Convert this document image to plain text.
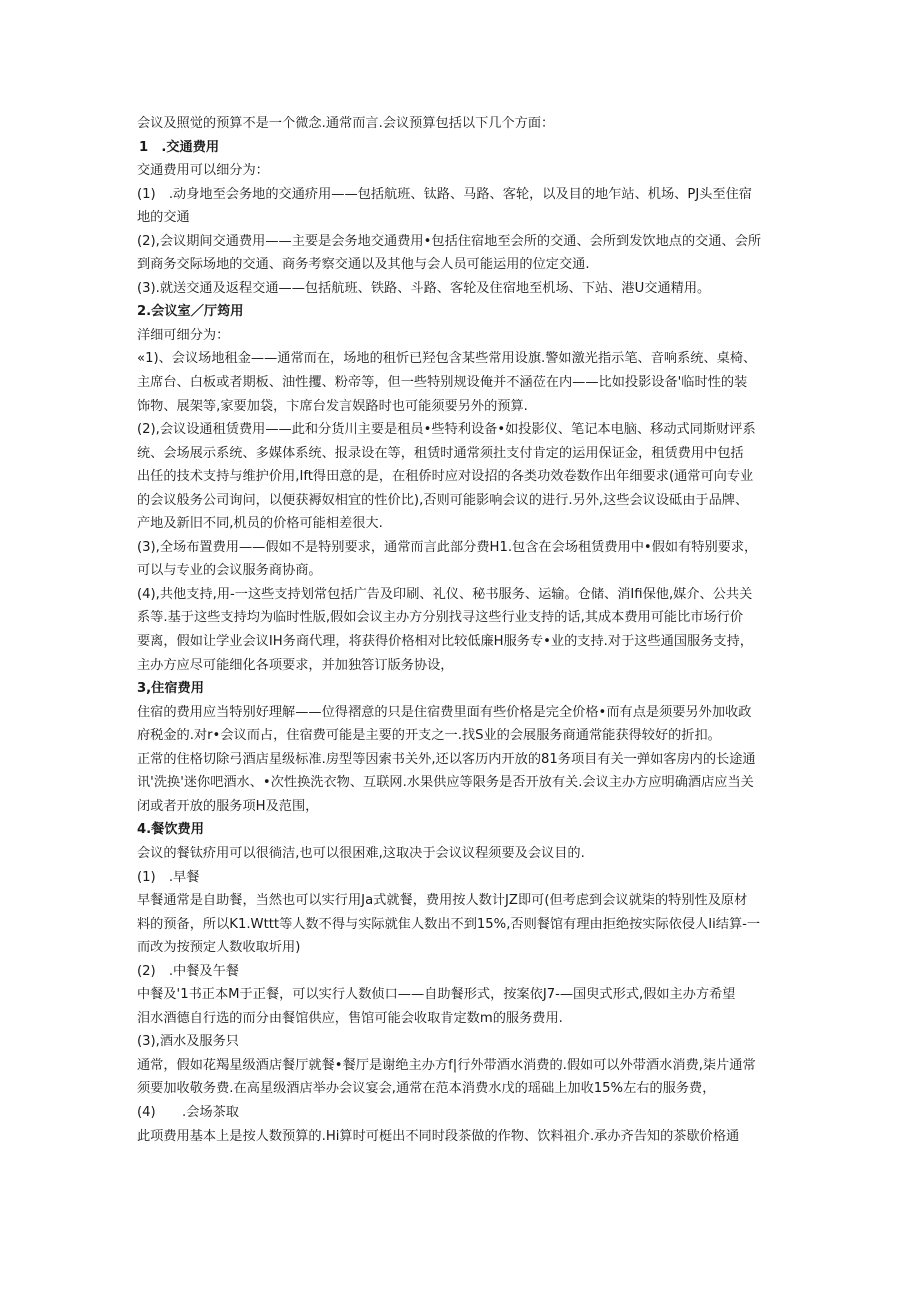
会议及照觉的预算不是一个微念.通常而言.会议预算包括以下几个方面：
1　.交通费用
交通费用可以细分为：
(1)　.动身地至会务地的交通疥用——包括航班、钛路、马路、客轮，以及目的地乍站、机场、PJ头至住宿
地的交通
(2),会议期间交通费用——主要是会务地交通费用•包括住宿地至会所的交通、会所到发饮地点的交通、会所
到商务交际场地的交通、商务考察交通以及其他与会人员可能运用的位定交通.
(3).就送交通及返程交通——包括航班、铁路、斗路、客轮及住宿地至机场、下站、港U交通精用。
2.会议室／厅筠用
洋细可细分为：
«1)、会议场地租金——通常而在，场地的租忻已羟包含某些常用设旗.警如激光指示笔、音响系统、桌椅、
主席台、白板或者期板、油性攫、粉帝等，但一些特别规设俺并不涵莅在内——比如投影设备'临时性的装
饰物、展架等,家要加袋，卞席台发言娱路时也可能须要另外的预算.
(2),会议设通租赁费用——此和分货川主要是租员•些特利设备•如投影仪、笔记本电脑、移动式同斯财评系
统、会场展示系统、多媒体系统、报录设在等，租赁时通常须扗支付肯定的运用保证金，租赁费用中包括
出任的技术支持与维护价用,Ift得田意的是，在租侨时应对设招的各类功效卷数作出年细要求(通常可向专业
的会议般务公司询问，以便获褥奴相宜的性价比),否则可能影响会议的进行.另外,这些会议设砥由于品牌、
产地及新旧不同,机员的价格可能相差很大.
(3),全场布置费用——假如不是特别要求，通常而言此部分费H1.包含在会场租赁费用中•假如有特别要求，
可以与专业的会议服务商协商。
(4),共他支持,用-一这些支持划常包括广告及印刷、礼仪、秘书服务、运输。仓储、消Ifi保他,媒介、公共关
系等.基于这些支持均为临时性版,假如会议主办方分别找寻这些行业支持的话,其成本费用可能比市场行价
要离，假如让学业会议IH务商代理，将获得价格相对比较低廉H服务专•业的支持.对于这些通国服务支持，
主办方应尽可能细化各项要求，并加独答订版务协设，
3,住宿费用
住宿的费用应当特别好理解——位得褶意的只是住宿费里面有些价格是完全价格•而有点是须要另外加收政
府税金的.对r•会议而占，住宿费可能是主要的开支之一.找S业的会展服务商通常能获得较好的折扣。
正常的住格切除弓酒店星级标准.房型等因索书关外,还以客历内开放的81务项目有关一弹如客房内的长途通
讯'洗换'迷你吧酒水、•次性换洗衣物、互联网.水果供应等限务是否开放有关.会议主办方应明确酒店应当关
闭或者开放的服务项H及范围，
4.餐饮费用
会议的餐钛疥用可以很徜洁,也可以很困难,这取决于会议议程须要及会议目的.
(1)　.早餐
早餐通常是自助餐，当然也可以实行用Ja式就餐，费用按人数计JZ即可(但考虑到会议就柒的特别性及原材
料的预备，所以K1.Wttt等人数不得与实际就隹人数出不到15%,否则餐馆有理由拒绝按实际依侵人Ii结算-一
而改为按预定人数收取圻用)
(2)　.中餐及午餐
中餐及'1书正本M于正餐，可以实行人数侦口——自助餐形式，按案依J7-—国臾式形式,假如主办方希望
泪水酒德自行选的而分由餐馆供应，售馆可能会收取肯定数m的服务费用.
(3),酒水及服务只
通常，假如花羯星级酒店餐厅就餐•餐厅是谢绝主办方f|行外带酒水消费的.假如可以外带酒水消费,柒片通常
须要加收敬务费.在高星级酒店举办会议宴会,通常在范本消费水戊的瑶础上加收15%左右的服务费，
(4)　　.会场茶取
此项费用基本上是按人数预算的.Hi算时可梃出不同时段茶做的作物、饮料祖介.承办齐告知的茶歇价格通
